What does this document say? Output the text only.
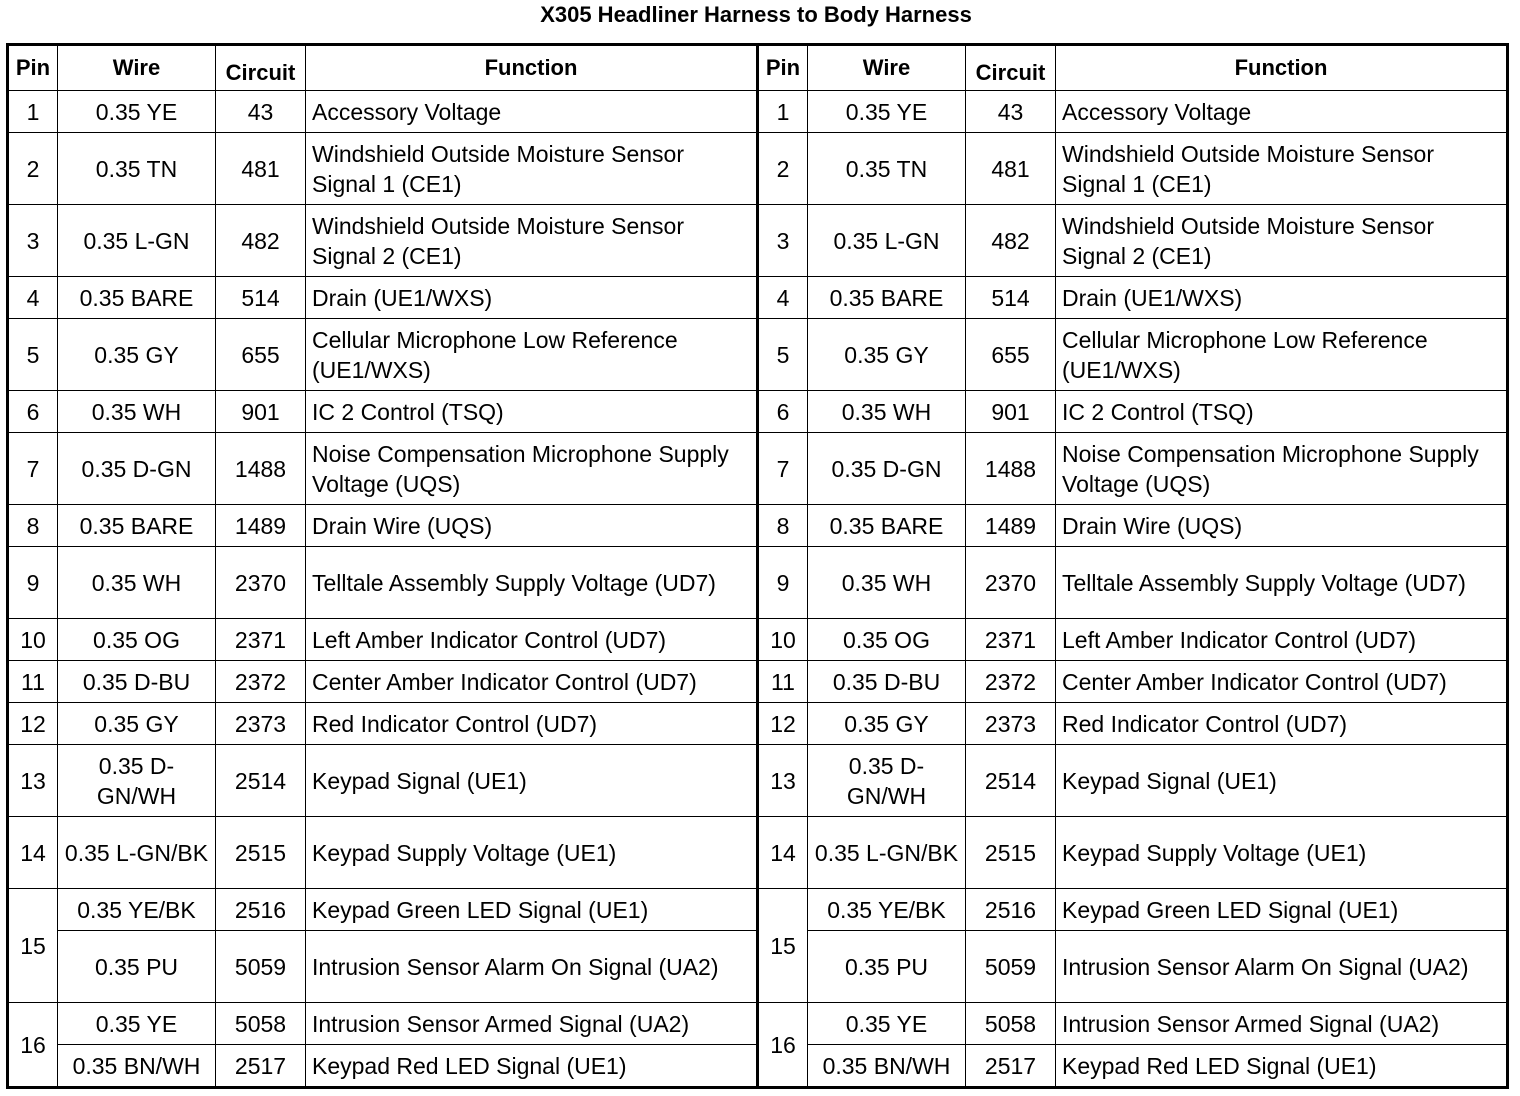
X305 Headliner Harness to Body Harness
Pin	Wire	Circuit	Function	Pin	Wire	Circuit	Function
1	0.35 YE	43	Accessory Voltage	1	0.35 YE	43	Accessory Voltage
2	0.35 TN	481	Windshield Outside Moisture Sensor Signal 1 (CE1)	2	0.35 TN	481	Windshield Outside Moisture Sensor Signal 1 (CE1)
3	0.35 L-GN	482	Windshield Outside Moisture Sensor Signal 2 (CE1)	3	0.35 L-GN	482	Windshield Outside Moisture Sensor Signal 2 (CE1)
4	0.35 BARE	514	Drain (UE1/WXS)	4	0.35 BARE	514	Drain (UE1/WXS)
5	0.35 GY	655	Cellular Microphone Low Reference (UE1/WXS)	5	0.35 GY	655	Cellular Microphone Low Reference (UE1/WXS)
6	0.35 WH	901	IC 2 Control (TSQ)	6	0.35 WH	901	IC 2 Control (TSQ)
7	0.35 D-GN	1488	Noise Compensation Microphone Supply Voltage (UQS)	7	0.35 D-GN	1488	Noise Compensation Microphone Supply Voltage (UQS)
8	0.35 BARE	1489	Drain Wire (UQS)	8	0.35 BARE	1489	Drain Wire (UQS)
9	0.35 WH	2370	Telltale Assembly Supply Voltage (UD7)	9	0.35 WH	2370	Telltale Assembly Supply Voltage (UD7)
10	0.35 OG	2371	Left Amber Indicator Control (UD7)	10	0.35 OG	2371	Left Amber Indicator Control (UD7)
11	0.35 D-BU	2372	Center Amber Indicator Control (UD7)	11	0.35 D-BU	2372	Center Amber Indicator Control (UD7)
12	0.35 GY	2373	Red Indicator Control (UD7)	12	0.35 GY	2373	Red Indicator Control (UD7)
13	0.35 D-GN/WH	2514	Keypad Signal (UE1)	13	0.35 D-GN/WH	2514	Keypad Signal (UE1)
14	0.35 L-GN/BK	2515	Keypad Supply Voltage (UE1)	14	0.35 L-GN/BK	2515	Keypad Supply Voltage (UE1)
15	0.35 YE/BK	2516	Keypad Green LED Signal (UE1)	15	0.35 YE/BK	2516	Keypad Green LED Signal (UE1)
	0.35 PU	5059	Intrusion Sensor Alarm On Signal (UA2)		0.35 PU	5059	Intrusion Sensor Alarm On Signal (UA2)
16	0.35 YE	5058	Intrusion Sensor Armed Signal (UA2)	16	0.35 YE	5058	Intrusion Sensor Armed Signal (UA2)
	0.35 BN/WH	2517	Keypad Red LED Signal (UE1)		0.35 BN/WH	2517	Keypad Red LED Signal (UE1)
